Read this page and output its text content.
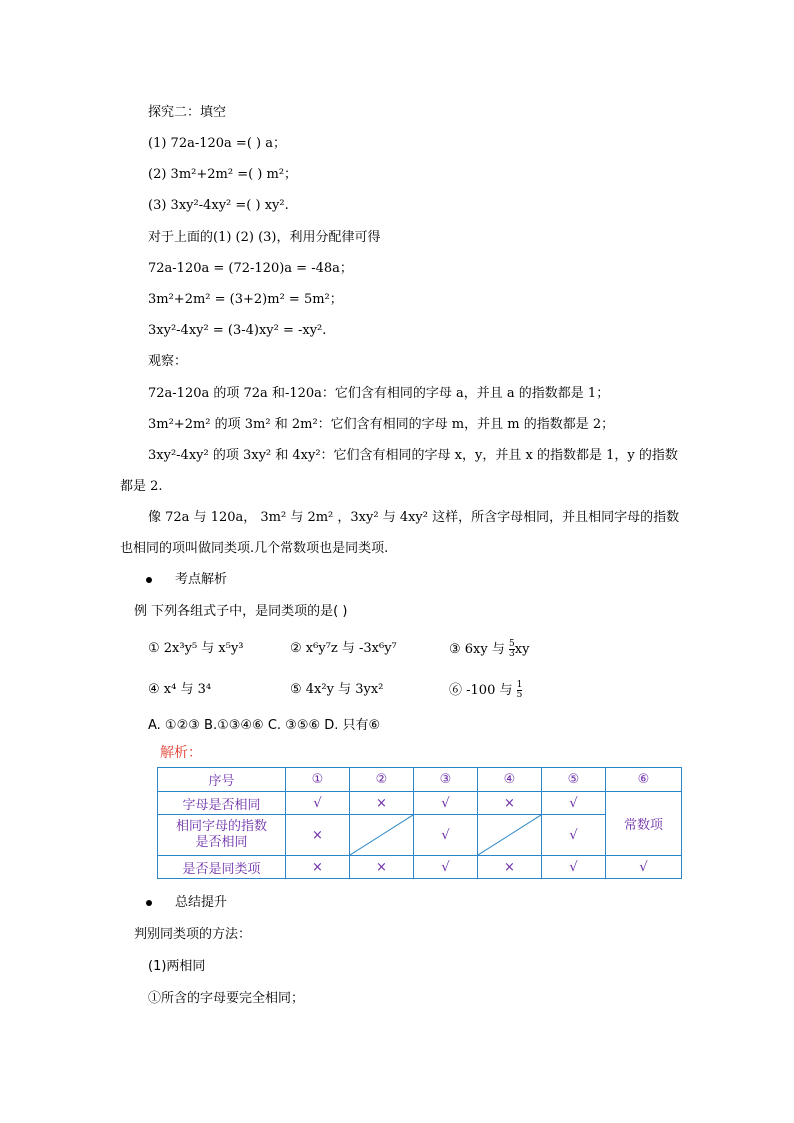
探究二：填空
(1) 72a-120a =( ) a；
(2) 3m²+2m² =( ) m²；
(3) 3xy²-4xy² =( ) xy².
对于上面的(1) (2) (3)，利用分配律可得
72a-120a = (72-120)a = -48a；
3m²+2m² = (3+2)m² = 5m²；
3xy²-4xy² = (3-4)xy² = -xy².
观察：
72a-120a 的项 72a 和-120a：它们含有相同的字母 a，并且 a 的指数都是 1；
3m²+2m² 的项 3m² 和 2m²：它们含有相同的字母 m，并且 m 的指数都是 2；
3xy²-4xy² 的项 3xy² 和 4xy²：它们含有相同的字母 x，y，并且 x 的指数都是 1，y 的指数
都是 2.
像 72a 与 120a， 3m² 与 2m² ，3xy² 与 4xy² 这样，所含字母相同，并且相同字母的指数
也相同的项叫做同类项.几个常数项也是同类项.
考点解析
例 下列各组式子中，是同类项的是( )
① 2x³y⁵ 与 x⁵y³	② x⁶y⁷z 与 -3x⁶y⁷	③ 6xy 与 $\frac{5}{3}$ xy
④ x⁴ 与 3⁴	⑤ 4x²y 与 3yx²	⑥ -100 与 $\frac{1}{5}$
A. ①②③ B.①③④⑥ C. ③⑤⑥ D. 只有⑥
解析：
序号	①	②	③	④	⑤	⑥
字母是否相同	√	×	√	×	√	常数项

相同字母的指数
是否相同	×		√		√	
是否是同类项	×	×	√	×	√	√
总结提升
判别同类项的方法：
(1)两相同
①所含的字母要完全相同；
